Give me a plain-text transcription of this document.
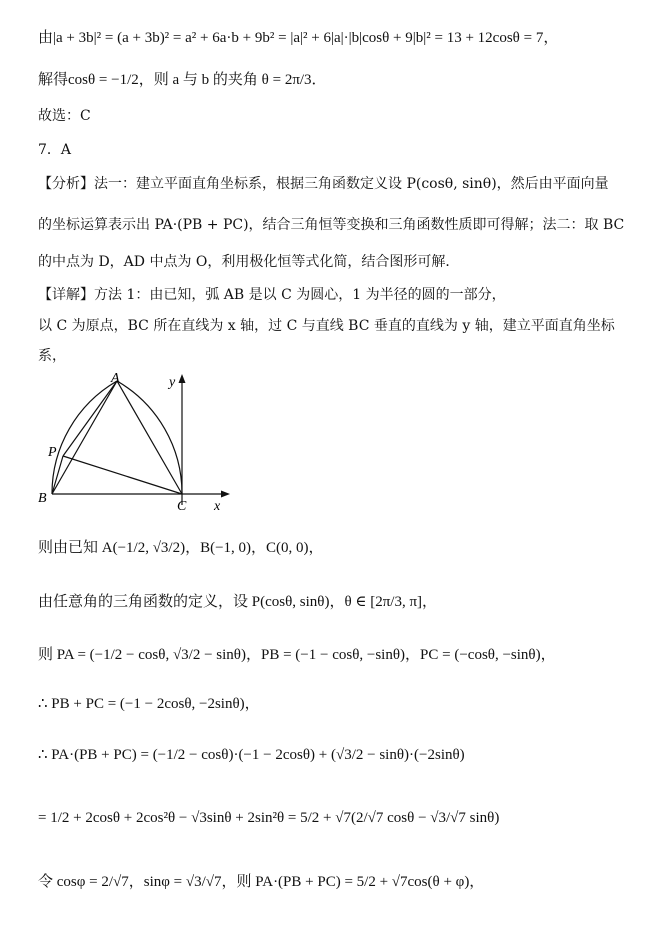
由|a + 3b|² = (a + 3b)² = a² + 6a·b + 9b² = |a|² + 6|a|·|b|cosθ + 9|b|² = 13 + 12cosθ = 7，
解得cosθ = −1/2，则 a 与 b 的夹角 θ = 2π/3．
故选：C
7．A
【分析】法一：建立平面直角坐标系，根据三角函数定义设 P(cosθ, sinθ)，然后由平面向量
的坐标运算表示出 PA·(PB + PC)，结合三角恒等变换和三角函数性质即可得解；法二：取 BC
的中点为 D，AD 中点为 O，利用极化恒等式化简，结合图形可解．
【详解】方法 1：由已知，弧 AB 是以 C 为圆心，1 为半径的圆的一部分，
以 C 为原点，BC 所在直线为 x 轴，过 C 与直线 BC 垂直的直线为 y 轴，建立平面直角坐标
系，
A
B
C
P
x
y
则由已知 A(−1/2, √3/2)，B(−1, 0)，C(0, 0)，
由任意角的三角函数的定义，设 P(cosθ, sinθ)，θ ∈ [2π/3, π]，
则 PA = (−1/2 − cosθ, √3/2 − sinθ)，PB = (−1 − cosθ, −sinθ)，PC = (−cosθ, −sinθ)，
∴ PB + PC = (−1 − 2cosθ, −2sinθ)，
∴ PA·(PB + PC) = (−1/2 − cosθ)·(−1 − 2cosθ) + (√3/2 − sinθ)·(−2sinθ)
= 1/2 + 2cosθ + 2cos²θ − √3sinθ + 2sin²θ = 5/2 + √7(2/√7 cosθ − √3/√7 sinθ)
令 cosφ = 2/√7，sinφ = √3/√7，则 PA·(PB + PC) = 5/2 + √7cos(θ + φ)，
